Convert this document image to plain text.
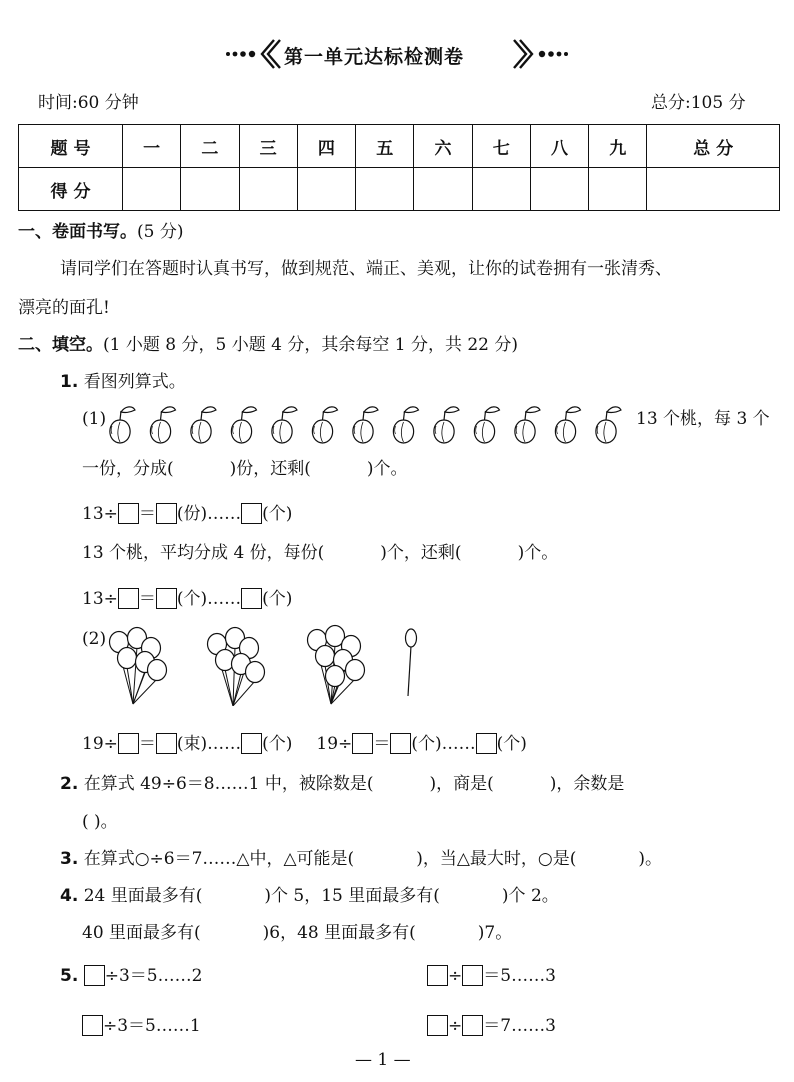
第一单元达标检测卷
时间:60 分钟	总分:105 分
题 号	一	二	三	四	五	六	七	八	九	总 分
得 分										
一、卷面书写。(5 分)
请同学们在答题时认真书写，做到规范、端正、美观，让你的试卷拥有一张清秀、
漂亮的面孔!
二、填空。(1 小题 8 分，5 小题 4 分，其余每空 1 分，共 22 分)
1. 看图列算式。
(1)	13 个桃，每 3 个
一份，分成(	)份，还剩(	)个。
13÷ ＝ (份)…… (个)
13 个桃，平均分成 4 份，每份(	)个，还剩(	)个。
13÷ ＝ (个)…… (个)
(2)
19÷ ＝ (束)…… (个) 19÷ ＝ (个)…… (个)
2. 在算式 49÷6＝8……1 中，被除数是(	)，商是(	)，余数是
( )。
3. 在算式○÷6＝7……△中，△可能是(	)，当△最大时，○是(	)。
4. 24 里面最多有(	)个 5，15 里面最多有(	)个 2。
40 里面最多有(	)6，48 里面最多有(	)7。
5. ÷3＝5……2	÷ ＝5……3
÷3＝5……1	÷ ＝7……3
— 1 —
